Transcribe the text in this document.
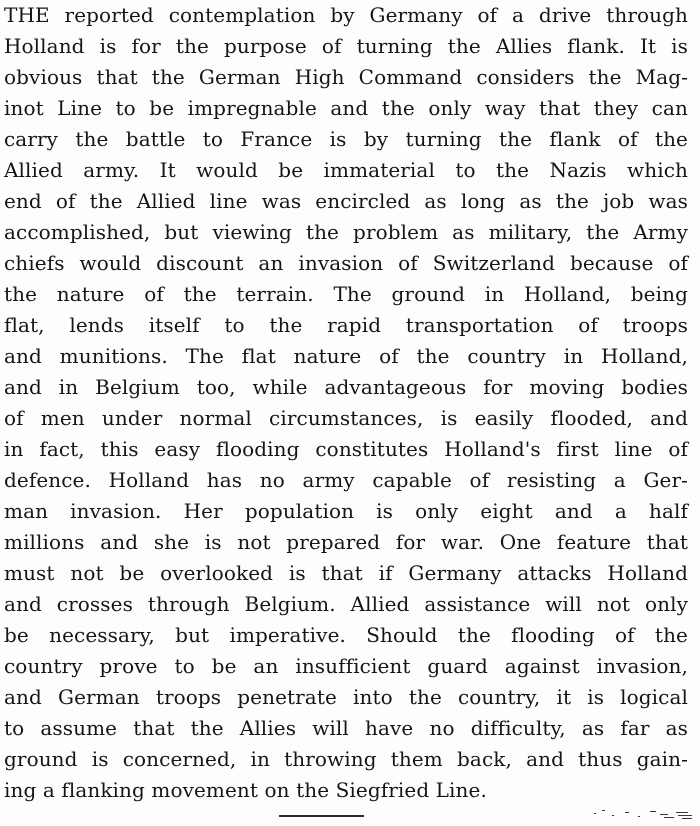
THE reported contemplation by Germany of a drive through
Holland is for the purpose of turning the Allies flank. It is
obvious that the German High Command considers the Mag-
inot Line to be impregnable and the only way that they can
carry the battle to France is by turning the flank of the
Allied army. It would be immaterial to the Nazis which
end of the Allied line was encircled as long as the job was
accomplished, but viewing the problem as military, the Army
chiefs would discount an invasion of Switzerland because of
the nature of the terrain. The ground in Holland, being
flat, lends itself to the rapid transportation of troops
and munitions. The flat nature of the country in Holland,
and in Belgium too, while advantageous for moving bodies
of men under normal circumstances, is easily flooded, and
in fact, this easy flooding constitutes Holland's first line of
defence. Holland has no army capable of resisting a Ger-
man invasion. Her population is only eight and a half
millions and she is not prepared for war. One feature that
must not be overlooked is that if Germany attacks Holland
and crosses through Belgium. Allied assistance will not only
be necessary, but imperative. Should the flooding of the
country prove to be an insufficient guard against invasion,
and German troops penetrate into the country, it is logical
to assume that the Allies will have no difficulty, as far as
ground is concerned, in throwing them back, and thus gain-
ing a flanking movement on the Siegfried Line.
